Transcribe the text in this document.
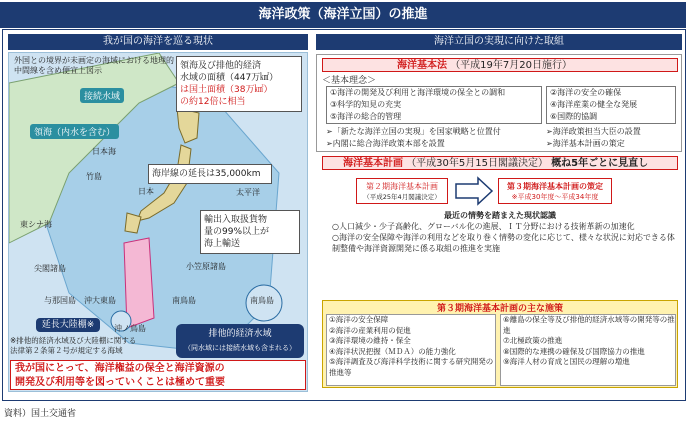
海洋政策（海洋立国）の推進
我が国の海洋を巡る現状
外国との境界が未画定の海域における地理的中間線を含め便宜上図示
接続水域
領海（内水を含む）
領海及び排他的経済
水域の面積（447万㎢）
は国土面積（38万㎢）
の約12倍に相当
海岸線の延長は35,000km
輸出入取扱貨物
量の99%以上が
海上輸送
日本海
竹島
日本	太平洋
東シナ海
尖閣諸島
与那国島 沖大東島
小笠原諸島
南鳥島	南鳥島
沖ノ鳥島
延長大陸棚※
排他的経済水域
（同水域には接続水域も含まれる）
※排他的経済水域及び大陸棚に関する
法律第２条第２号が規定する海域
我が国にとって、海洋権益の保全と海洋資源の
開発及び利用等を図っていくことは極めて重要
海洋立国の実現に向けた取組
海洋基本法 （平成19年7月20日施行）
＜基本理念＞
①海洋の開発及び利用と海洋環境の保全との調和
③科学的知見の充実
⑤海洋の総合的管理
②海洋の安全の確保
④海洋産業の健全な発展
⑥国際的協調
➢「新たな海洋立国の実現」を国家戦略と位置付
➢内閣に総合海洋政策本部を設置
➢海洋政策担当大臣の設置
➢海洋基本計画の策定
海洋基本計画 （平成30年5月15日閣議決定） 概ね5年ごとに見直し
第２期海洋基本計画
（平成25年4月閣議決定）
第３期海洋基本計画の策定
※平成30年度〜平成34年度
最近の情勢を踏まえた現状認識
○人口減少・少子高齢化、グローバル化の進展、ＩＴ分野における技術革新の加速化
○海洋の安全保障や海洋の利用などを取り巻く情勢の変化に応じて、様々な状況に対応できる体制整備や海洋資源開発に係る取組の推進を実施
第３期海洋基本計画の主な施策
①海洋の安全保障
②海洋の産業利用の促進
③海洋環境の維持・保全
④海洋状況把握（ＭＤＡ）の能力強化
⑤海洋調査及び海洋科学技術に関する研究開発の推進等
⑥離島の保全等及び排他的経済水域等の開発等の推進
⑦北極政策の推進
⑧国際的な連携の確保及び国際協力の推進
⑨海洋人材の育成と国民の理解の増進
資料）国土交通省
